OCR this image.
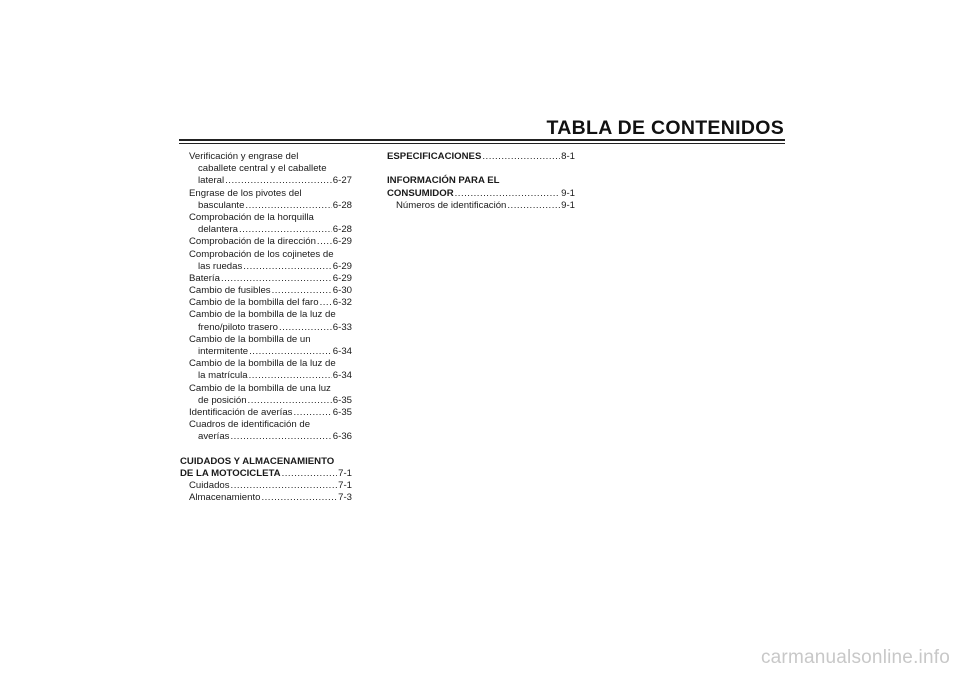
TABLA DE CONTENIDOS
Verificación y engrase del
caballete central y el caballete
lateral .....	6-27
Engrase de los pivotes del
basculante .....	6-28
Comprobación de la horquilla
delantera .....	6-28
Comprobación de la dirección ..... 6-29
Comprobación de los cojinetes de
las ruedas .....	6-29
Batería .....	6-29
Cambio de fusibles .....	6-30
Cambio de la bombilla del faro ..... 6-32
Cambio de la bombilla de la luz de
freno/piloto trasero .....	6-33
Cambio de la bombilla de un
intermitente .....	6-34
Cambio de la bombilla de la luz de
la matrícula .....	6-34
Cambio de la bombilla de una luz
de posición .....	6-35
Identificación de averías .....	6-35
Cuadros de identificación de
averías .....	6-36
CUIDADOS Y ALMACENAMIENTO
DE LA MOTOCICLETA .....	7-1
Cuidados .....	7-1
Almacenamiento .....	7-3
ESPECIFICACIONES .....	8-1
INFORMACIÓN PARA EL
CONSUMIDOR .....	9-1
Números de identificación .....	9-1
carmanualsonline.info
